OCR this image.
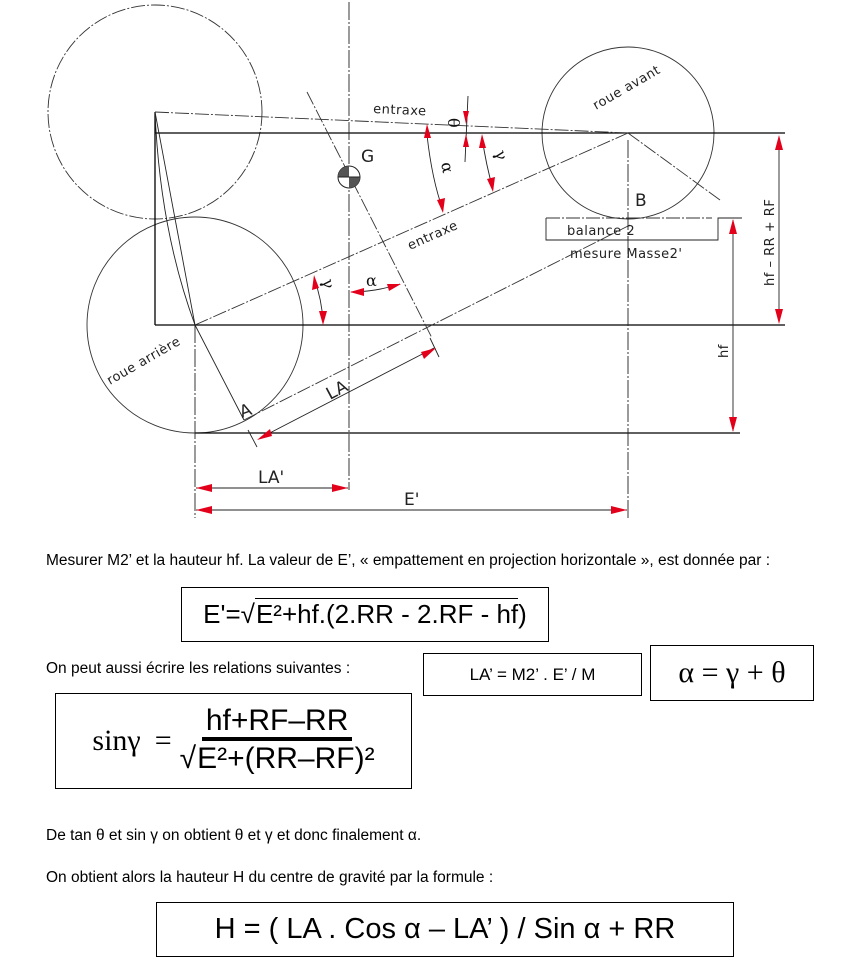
entraxe
entraxe
G
B
A
roue avant
roue arrière
balance 2
mesure Masse2'	hf – RR + RF
hf
LA
LA'
E'
θ
α
γ
γ α
Mesurer M2’ et la hauteur hf. La valeur de E’, « empattement en projection horizontale », est donnée par :
E'=√E²+hf.(2.RR - 2.RF - hf)
On peut aussi écrire les relations suivantes :	LA’ = M2’ . E’ / M	α = γ + θ
$\sin\gamma = \frac{hf+RF-RR}{\text{√E²+(RR–RF)²}}$
De tan θ et sin γ on obtient θ et γ et donc finalement α.
On obtient alors la hauteur H du centre de gravité par la formule :
H = ( LA . Cos α – LA’ ) / Sin α + RR
